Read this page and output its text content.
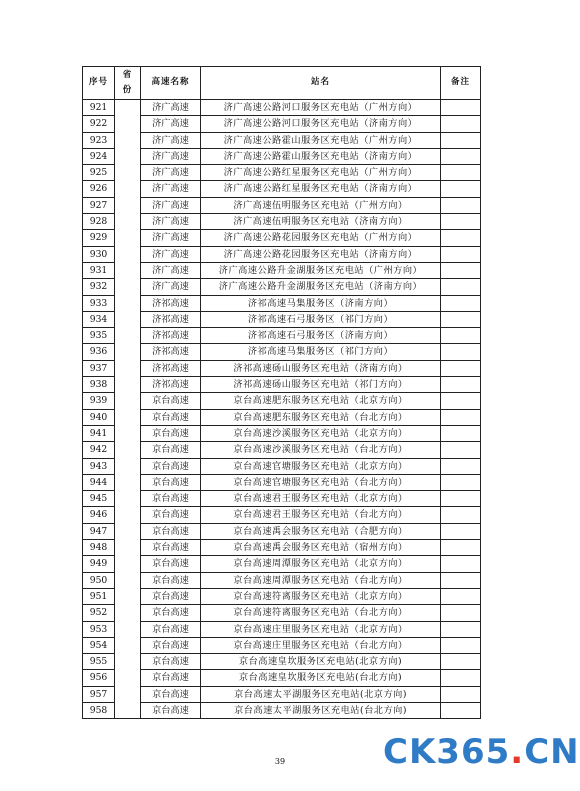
序号	省份	高速名称	站名	备注
921		济广高速	济广高速公路河口服务区充电站（广州方向）	
922		济广高速	济广高速公路河口服务区充电站（济南方向）	
923		济广高速	济广高速公路霍山服务区充电站（广州方向）	
924		济广高速	济广高速公路霍山服务区充电站（济南方向）	
925		济广高速	济广高速公路红星服务区充电站（广州方向）	
926		济广高速	济广高速公路红星服务区充电站（济南方向）	
927		济广高速	济广高速伍明服务区充电站（广州方向）	
928		济广高速	济广高速伍明服务区充电站（济南方向）	
929		济广高速	济广高速公路花园服务区充电站（广州方向）	
930		济广高速	济广高速公路花园服务区充电站（济南方向）	
931		济广高速	济广高速公路升金湖服务区充电站（广州方向）	
932		济广高速	济广高速公路升金湖服务区充电站（济南方向）	
933		济祁高速	济祁高速马集服务区（济南方向）	
934		济祁高速	济祁高速石弓服务区（祁门方向）	
935		济祁高速	济祁高速石弓服务区（济南方向）	
936		济祁高速	济祁高速马集服务区（祁门方向）	
937		济祁高速	济祁高速砀山服务区充电站（济南方向）	
938		济祁高速	济祁高速砀山服务区充电站（祁门方向）	
939		京台高速	京台高速肥东服务区充电站（北京方向）	
940		京台高速	京台高速肥东服务区充电站（台北方向）	
941		京台高速	京台高速沙溪服务区充电站（北京方向）	
942		京台高速	京台高速沙溪服务区充电站（台北方向）	
943		京台高速	京台高速官塘服务区充电站（北京方向）	
944		京台高速	京台高速官塘服务区充电站（台北方向）	
945		京台高速	京台高速君王服务区充电站（北京方向）	
946		京台高速	京台高速君王服务区充电站（台北方向）	
947		京台高速	京台高速禹会服务区充电站（合肥方向）	
948		京台高速	京台高速禹会服务区充电站（宿州方向）	
949		京台高速	京台高速周潭服务区充电站（北京方向）	
950		京台高速	京台高速周潭服务区充电站（台北方向）	
951		京台高速	京台高速符离服务区充电站（北京方向）	
952		京台高速	京台高速符离服务区充电站（台北方向）	
953		京台高速	京台高速庄里服务区充电站（北京方向）	
954		京台高速	京台高速庄里服务区充电站（台北方向）	
955		京台高速	京台高速皇坎服务区充电站(北京方向)	
956		京台高速	京台高速皇坎服务区充电站(台北方向)	
957		京台高速	京台高速太平湖服务区充电站(北京方向)	
958		京台高速	京台高速太平湖服务区充电站(台北方向)	
39	CK365.CN
